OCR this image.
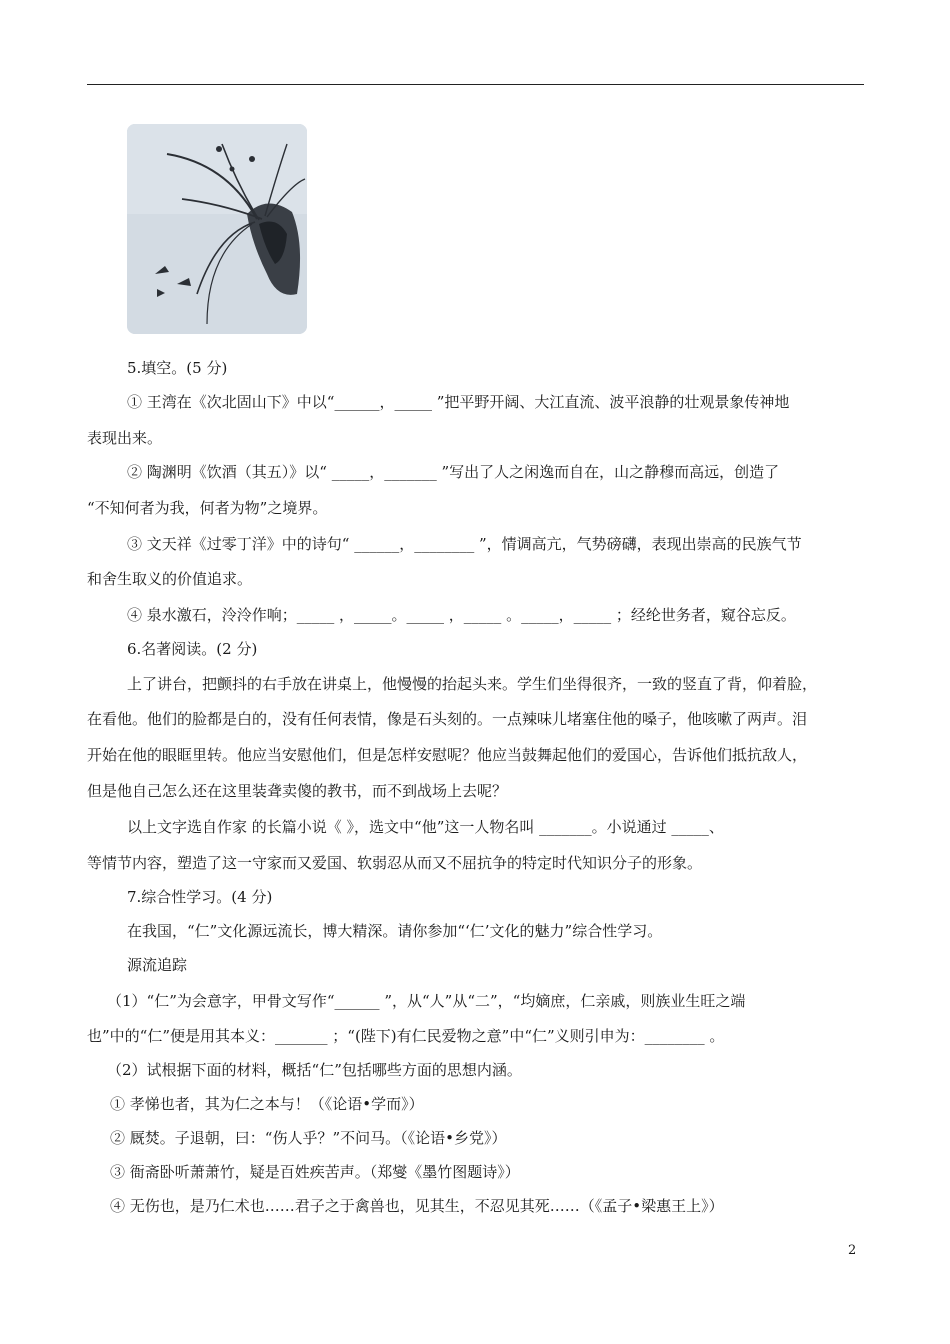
⠀
5.填空。(5 分)
① 王湾在《次北固山下》中以“______，_____ ”把平野开阔、大江直流、波平浪静的壮观景象传神地
表现出来。
② 陶渊明《饮酒（其五）》以“ _____，_______ ”写出了人之闲逸而自在，山之静穆而高远，创造了
“不知何者为我，何者为物”之境界。
③ 文天祥《过零丁洋》中的诗句“ ______，________ ”，情调高亢，气势磅礴，表现出崇高的民族气节
和舍生取义的价值追求。
④ 泉水激石，泠泠作响；_____ ，_____。_____ ，_____ 。_____，_____ ；经纶世务者，窥谷忘反。
6.名著阅读。(2 分)
上了讲台，把颤抖的右手放在讲桌上，他慢慢的抬起头来。学生们坐得很齐，一致的竖直了背，仰着脸，
在看他。他们的脸都是白的，没有任何表情，像是石头刻的。一点辣味儿堵塞住他的嗓子，他咳嗽了两声。泪
开始在他的眼眶里转。他应当安慰他们，但是怎样安慰呢？他应当鼓舞起他们的爱国心，告诉他们抵抗敌人，
但是他自己怎么还在这里装聋卖傻的教书，而不到战场上去呢？
以上文字选自作家 的长篇小说《 》，选文中“他”这一人物名叫 _______。小说通过 _____、
等情节内容，塑造了这一守家而又爱国、软弱忍从而又不屈抗争的特定时代知识分子的形象。
7.综合性学习。(4 分)
在我国，“仁”文化源远流长，博大精深。请你参加“‘仁’文化的魅力”综合性学习。
源流追踪
（1）“仁”为会意字，甲骨文写作“______ ”，从“人”从“二”，“均嫡庶，仁亲戚，则族业生旺之端
也”中的“仁”便是用其本义：_______ ；“(陛下)有仁民爱物之意”中“仁”义则引申为：________ 。
（2）试根据下面的材料，概括“仁”包括哪些方面的思想内涵。
① 孝悌也者，其为仁之本与！（《论语•学而》）
② 厩焚。子退朝，曰：“伤人乎？”不问马。（《论语•乡党》）
③ 衙斋卧听萧萧竹，疑是百姓疾苦声。（郑燮《墨竹图题诗》）
④ 无伤也，是乃仁术也……君子之于禽兽也，见其生，不忍见其死……（《孟子•梁惠王上》）
2
